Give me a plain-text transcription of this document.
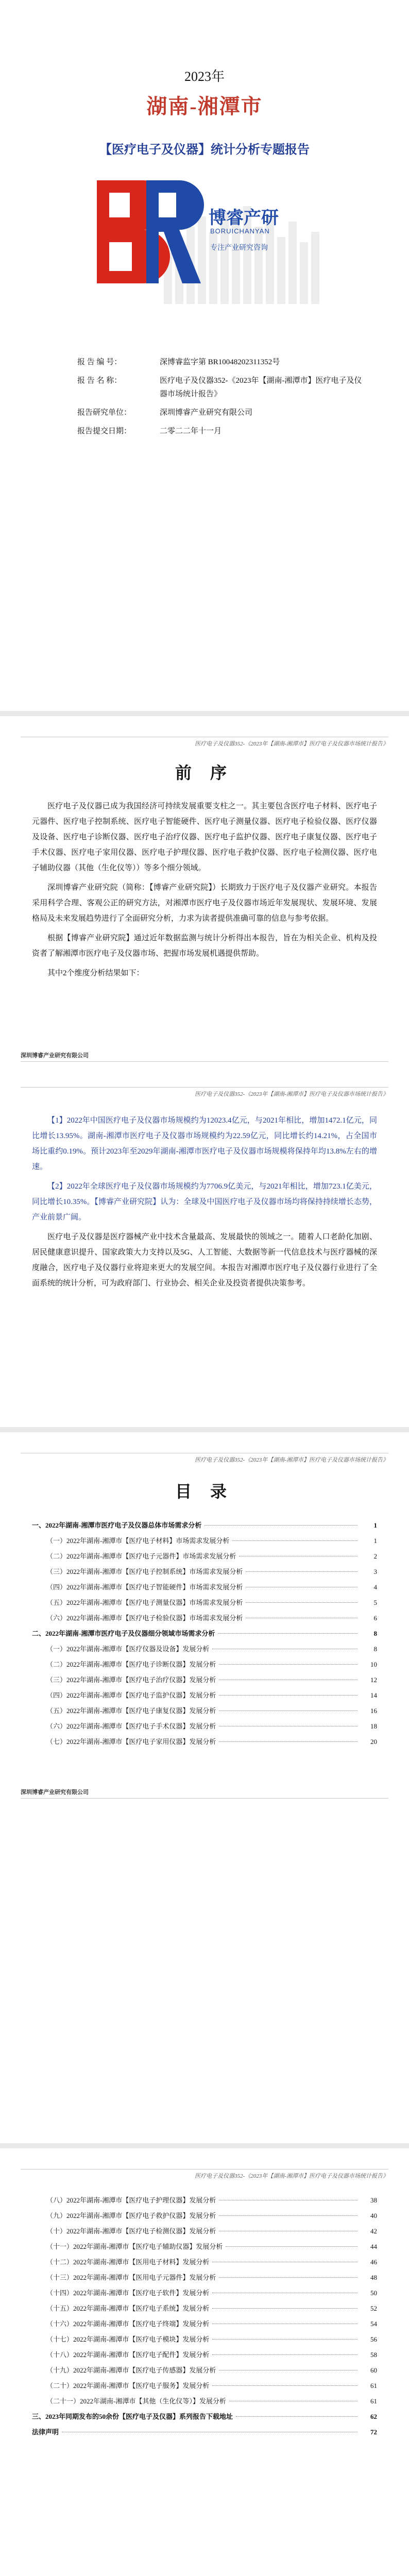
2023年
湖南-湘潭市
【医疗电子及仪器】统计分析专题报告
博睿产研
BORUICHANYAN
专注产业研究咨询
报 告 编 号：	深博睿监字第 BR10048202311352号
报 告 名 称：	医疗电子及仪器352-《2023年【湖南-湘潭市】医疗电子及仪器市场统计报告》
报告研究单位：	深圳博睿产业研究有限公司
报告提交日期：	二零二二年十一月
医疗电子及仪器352-《2023年【湖南-湘潭市】医疗电子及仪器市场统计报告》
前 序

医疗电子及仪器已成为我国经济可持续发展重要支柱之一。其主要包含医疗电子材料、医疗电子元器件、医疗电子控制系统、医疗电子智能硬件、医疗电子测量仪器、医疗电子检验仪器、医疗仪器及设备、医疗电子诊断仪器、医疗电子治疗仪器、医疗电子监护仪器、医疗电子康复仪器、医疗电子手术仪器、医疗电子家用仪器、医疗电子护理仪器、医疗电子救护仪器、医疗电子检测仪器、医疗电子辅助仪器（其他（生化仪等））等多个细分领域。

深圳博睿产业研究院（简称：【博睿产业研究院】）长期致力于医疗电子及仪器产业研究。本报告采用科学合理、客观公正的研究方法，对湘潭市医疗电子及仪器市场近年发展现状、发展环境、发展格局及未来发展趋势进行了全面研究分析，力求为读者提供准确可靠的信息与参考依据。

根据【博睿产业研究院】通过近年数据监测与统计分析得出本报告，旨在为相关企业、机构及投资者了解湘潭市医疗电子及仪器市场、把握市场发展机遇提供帮助。

其中2个维度分析结果如下：

深圳博睿产业研究有限公司
医疗电子及仪器352-《2023年【湖南-湘潭市】医疗电子及仪器市场统计报告》

【1】2022年中国医疗电子及仪器市场规模约为12023.4亿元，与2021年相比，增加1472.1亿元，同比增长13.95%。湖南-湘潭市医疗电子及仪器市场规模约为22.59亿元，同比增长约14.21%，占全国市场比重约0.19%。预计2023年至2029年湖南-湘潭市医疗电子及仪器市场规模将保持年均13.8%左右的增速。

【2】2022年全球医疗电子及仪器市场规模约为7706.9亿美元，与2021年相比，增加723.1亿美元，同比增长10.35%。【博睿产业研究院】认为：全球及中国医疗电子及仪器市场均将保持持续增长态势，产业前景广阔。

医疗电子及仪器是医疗器械产业中技术含量最高、发展最快的领域之一。随着人口老龄化加剧、居民健康意识提升、国家政策大力支持以及5G、人工智能、大数据等新一代信息技术与医疗器械的深度融合，医疗电子及仪器行业将迎来更大的发展空间。本报告对湘潭市医疗电子及仪器行业进行了全面系统的统计分析，可为政府部门、行业协会、相关企业及投资者提供决策参考。

医疗电子及仪器352-《2023年【湖南-湘潭市】医疗电子及仪器市场统计报告》
目 录
一、2022年湖南-湘潭市医疗电子及仪器总体市场需求分析	1
（一）2022年湖南-湘潭市【医疗电子材料】市场需求发展分析	1
（二）2022年湖南-湘潭市【医疗电子元器件】市场需求发展分析	2
（三）2022年湖南-湘潭市【医疗电子控制系统】市场需求发展分析	3
（四）2022年湖南-湘潭市【医疗电子智能硬件】市场需求发展分析	4
（五）2022年湖南-湘潭市【医疗电子测量仪器】市场需求发展分析	5
（六）2022年湖南-湘潭市【医疗电子检验仪器】市场需求发展分析	6
二、2022年湖南-湘潭市医疗电子及仪器细分领域市场需求分析	8
（一）2022年湖南-湘潭市【医疗仪器及设备】发展分析	8
（二）2022年湖南-湘潭市【医疗电子诊断仪器】发展分析	10
（三）2022年湖南-湘潭市【医疗电子治疗仪器】发展分析	12
（四）2022年湖南-湘潭市【医疗电子监护仪器】发展分析	14
（五）2022年湖南-湘潭市【医疗电子康复仪器】发展分析	16
（六）2022年湖南-湘潭市【医疗电子手术仪器】发展分析	18
（七）2022年湖南-湘潭市【医疗电子家用仪器】发展分析	20
深圳博睿产业研究有限公司
医疗电子及仪器352-《2023年【湖南-湘潭市】医疗电子及仪器市场统计报告》
（八）2022年湖南-湘潭市【医疗电子护理仪器】发展分析	38
（九）2022年湖南-湘潭市【医疗电子救护仪器】发展分析	40
（十）2022年湖南-湘潭市【医疗电子检测仪器】发展分析	42
（十一）2022年湖南-湘潭市【医疗电子辅助仪器】发展分析	44
（十二）2022年湖南-湘潭市【医用电子材料】发展分析	46
（十三）2022年湖南-湘潭市【医用电子元器件】发展分析	48
（十四）2022年湖南-湘潭市【医疗电子软件】发展分析	50
（十五）2022年湖南-湘潭市【医疗电子系统】发展分析	52
（十六）2022年湖南-湘潭市【医疗电子终端】发展分析	54
（十七）2022年湖南-湘潭市【医疗电子模块】发展分析	56
（十八）2022年湖南-湘潭市【医疗电子配件】发展分析	58
（十九）2022年湖南-湘潭市【医疗电子传感器】发展分析	60
（二十）2022年湖南-湘潭市【医疗电子服务】发展分析	61
（二十一）2022年湖南-湘潭市【其他（生化仪等）】发展分析	61
三、2023年同期发布的50余份【医疗电子及仪器】系列报告下载地址	62
法律声明	72
